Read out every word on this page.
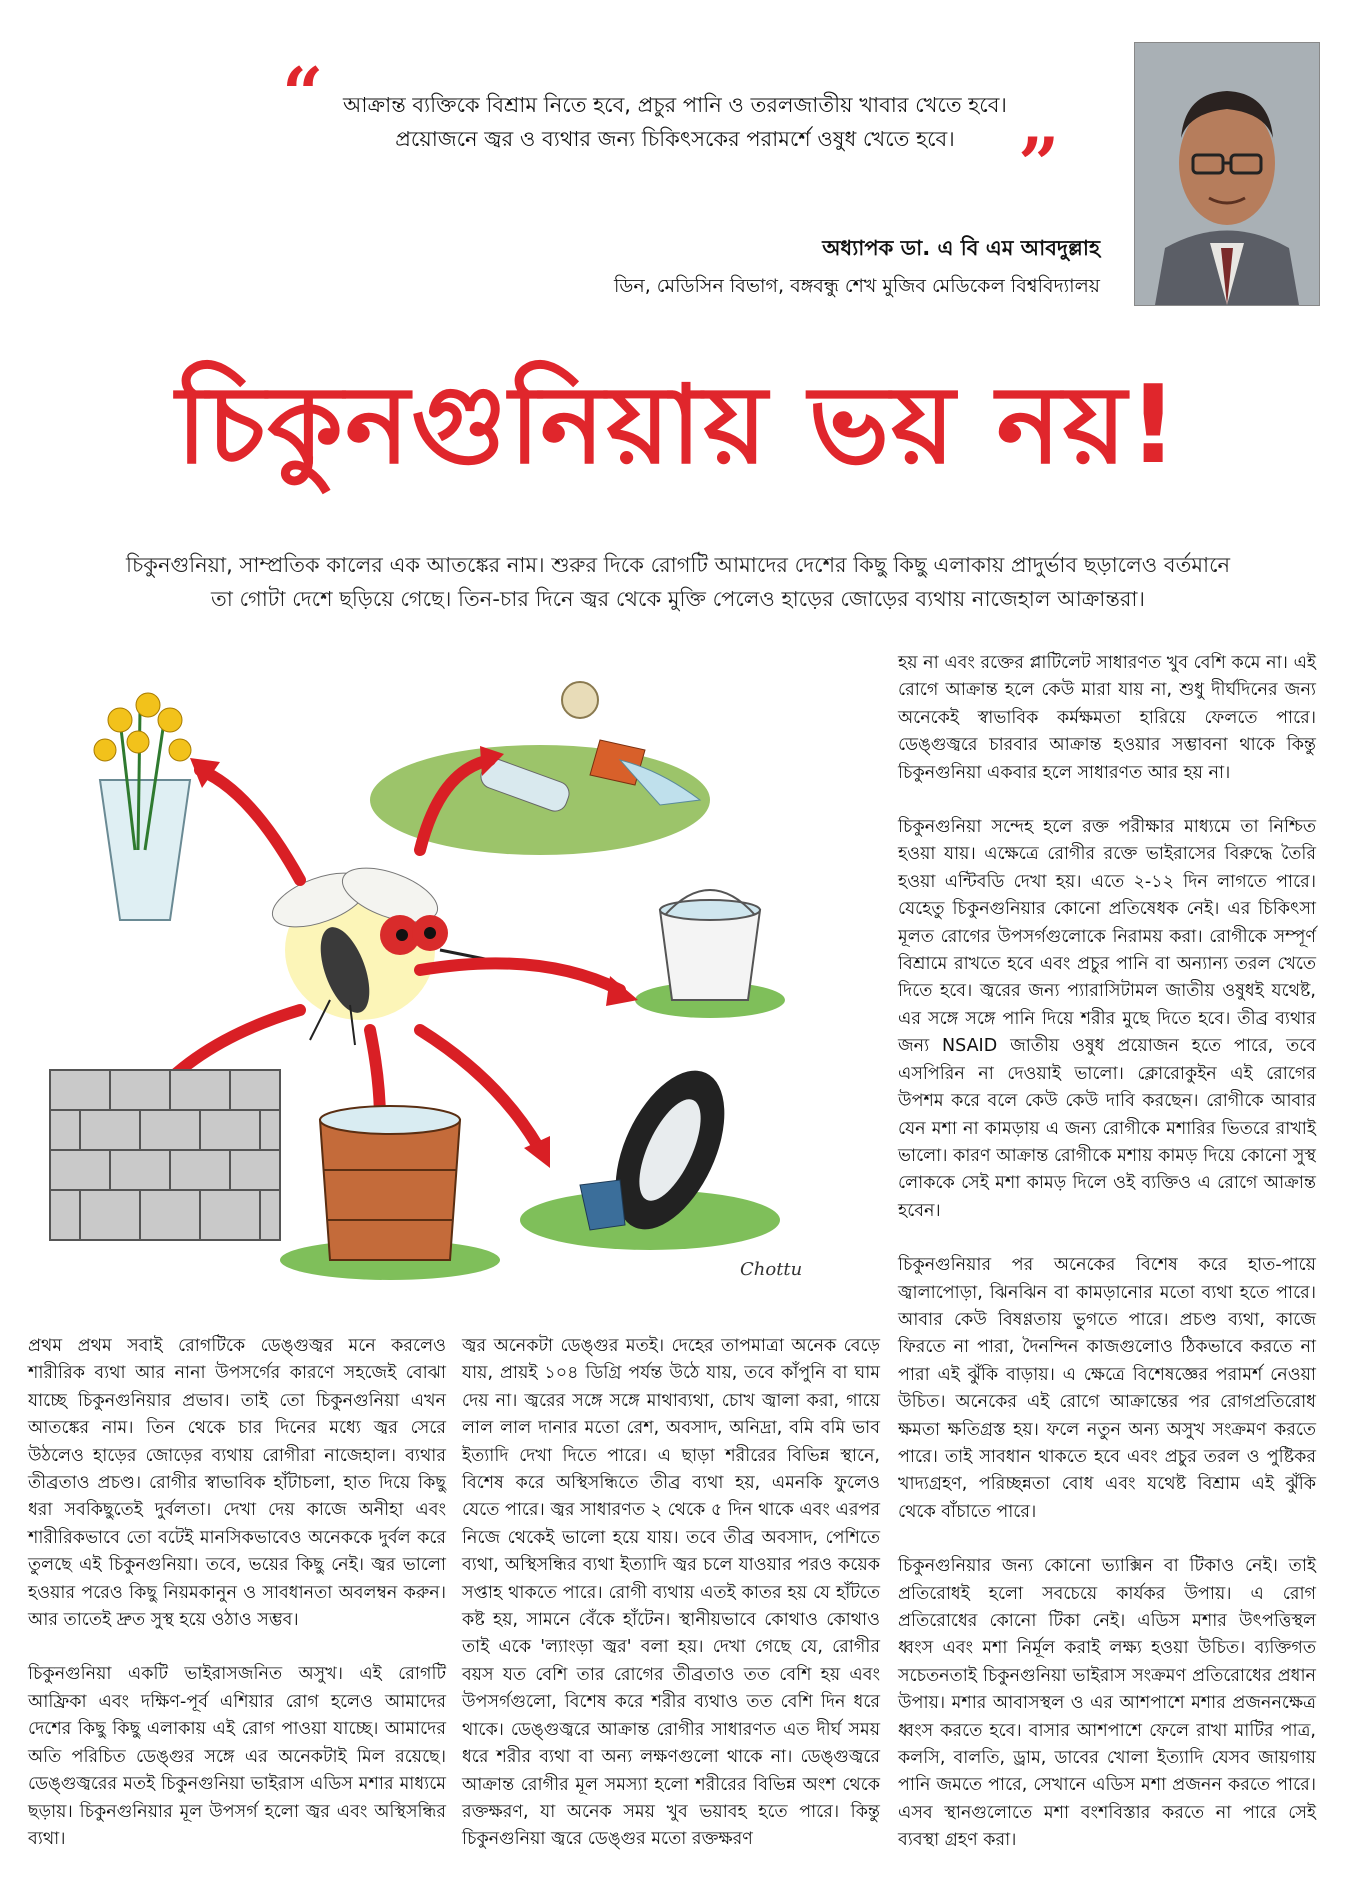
“ আক্রান্ত ব্যক্তিকে বিশ্রাম নিতে হবে, প্রচুর পানি ও তরলজাতীয় খাবার খেতে হবে।
প্রয়োজনে জ্বর ও ব্যথার জন্য চিকিৎসকের পরামর্শে ওষুধ খেতে হবে। ”
অধ্যাপক ডা. এ বি এম আবদুল্লাহ
ডিন, মেডিসিন বিভাগ, বঙ্গবন্ধু শেখ মুজিব মেডিকেল বিশ্ববিদ্যালয়
চিকুনগুনিয়ায় ভয় নয়!
চিকুনগুনিয়া, সাম্প্রতিক কালের এক আতঙ্কের নাম। শুরুর দিকে রোগটি আমাদের দেশের কিছু কিছু এলাকায় প্রাদুর্ভাব ছড়ালেও বর্তমানে
তা গোটা দেশে ছড়িয়ে গেছে। তিন-চার দিনে জ্বর থেকে মুক্তি পেলেও হাড়ের জোড়ের ব্যথায় নাজেহাল আক্রান্তরা।
Chottu

হয় না এবং রক্তের প্লাটিলেট সাধারণত খুব বেশি কমে না। এই রোগে আক্রান্ত হলে কেউ মারা যায় না, শুধু দীর্ঘদিনের জন্য অনেকেই স্বাভাবিক কর্মক্ষমতা হারিয়ে ফেলতে পারে। ডেঙ্গুজ্বরে চারবার আক্রান্ত হওয়ার সম্ভাবনা থাকে কিন্তু চিকুনগুনিয়া একবার হলে সাধারণত আর হয় না।

চিকুনগুনিয়া সন্দেহ হলে রক্ত পরীক্ষার মাধ্যমে তা নিশ্চিত হওয়া যায়। এক্ষেত্রে রোগীর রক্তে ভাইরাসের বিরুদ্ধে তৈরি হওয়া এন্টিবডি দেখা হয়। এতে ২-১২ দিন লাগতে পারে। যেহেতু চিকুনগুনিয়ার কোনো প্রতিষেধক নেই। এর চিকিৎসা মূলত রোগের উপসর্গগুলোকে নিরাময় করা। রোগীকে সম্পূর্ণ বিশ্রামে রাখতে হবে এবং প্রচুর পানি বা অন্যান্য তরল খেতে দিতে হবে। জ্বরের জন্য প্যারাসিটামল জাতীয় ওষুধই যথেষ্ট, এর সঙ্গে সঙ্গে পানি দিয়ে শরীর মুছে দিতে হবে। তীব্র ব্যথার জন্য NSAID জাতীয় ওষুধ প্রয়োজন হতে পারে, তবে এসপিরিন না দেওয়াই ভালো। ক্লোরোকুইন এই রোগের উপশম করে বলে কেউ কেউ দাবি করছেন। রোগীকে আবার যেন মশা না কামড়ায় এ জন্য রোগীকে মশারির ভিতরে রাখাই ভালো। কারণ আক্রান্ত রোগীকে মশায় কামড় দিয়ে কোনো সুস্থ লোককে সেই মশা কামড় দিলে ওই ব্যক্তিও এ রোগে আক্রান্ত হবেন।

চিকুনগুনিয়ার পর অনেকের বিশেষ করে হাত-পায়ে জ্বালাপোড়া, ঝিনঝিন বা কামড়ানোর মতো ব্যথা হতে পারে। আবার কেউ বিষণ্ণতায় ভুগতে পারে। প্রচণ্ড ব্যথা, কাজে ফিরতে না পারা, দৈনন্দিন কাজগুলোও ঠিকভাবে করতে না পারা এই ঝুঁকি বাড়ায়। এ ক্ষেত্রে বিশেষজ্ঞের পরামর্শ নেওয়া উচিত। অনেকের এই রোগে আক্রান্তের পর রোগপ্রতিরোধ ক্ষমতা ক্ষতিগ্রস্ত হয়। ফলে নতুন অন্য অসুখ সংক্রমণ করতে পারে। তাই সাবধান থাকতে হবে এবং প্রচুর তরল ও পুষ্টিকর খাদ্যগ্রহণ, পরিচ্ছন্নতা বোধ এবং যথেষ্ট বিশ্রাম এই ঝুঁকি থেকে বাঁচাতে পারে।

চিকুনগুনিয়ার জন্য কোনো ভ্যাক্সিন বা টিকাও নেই। তাই প্রতিরোধই হলো সবচেয়ে কার্যকর উপায়। এ রোগ প্রতিরোধের কোনো টিকা নেই। এডিস মশার উৎপত্তিস্থল ধ্বংস এবং মশা নির্মূল করাই লক্ষ্য হওয়া উচিত। ব্যক্তিগত সচেতনতাই চিকুনগুনিয়া ভাইরাস সংক্রমণ প্রতিরোধের প্রধান উপায়। মশার আবাসস্থল ও এর আশপাশে মশার প্রজননক্ষেত্র ধ্বংস করতে হবে। বাসার আশপাশে ফেলে রাখা মাটির পাত্র, কলসি, বালতি, ড্রাম, ডাবের খোলা ইত্যাদি যেসব জায়গায় পানি জমতে পারে, সেখানে এডিস মশা প্রজনন করতে পারে। এসব স্থানগুলোতে মশা বংশবিস্তার করতে না পারে সেই ব্যবস্থা গ্রহণ করা।

প্রথম প্রথম সবাই রোগটিকে ডেঙ্গুজ্বর মনে করলেও শারীরিক ব্যথা আর নানা উপসর্গের কারণে সহজেই বোঝা যাচ্ছে চিকুনগুনিয়ার প্রভাব। তাই তো চিকুনগুনিয়া এখন আতঙ্কের নাম। তিন থেকে চার দিনের মধ্যে জ্বর সেরে উঠলেও হাড়ের জোড়ের ব্যথায় রোগীরা নাজেহাল। ব্যথার তীব্রতাও প্রচণ্ড। রোগীর স্বাভাবিক হাঁটাচলা, হাত দিয়ে কিছু ধরা সবকিছুতেই দুর্বলতা। দেখা দেয় কাজে অনীহা এবং শারীরিকভাবে তো বটেই মানসিকভাবেও অনেককে দুর্বল করে তুলছে এই চিকুনগুনিয়া। তবে, ভয়ের কিছু নেই। জ্বর ভালো হওয়ার পরেও কিছু নিয়মকানুন ও সাবধানতা অবলম্বন করুন। আর তাতেই দ্রুত সুস্থ হয়ে ওঠাও সম্ভব।

চিকুনগুনিয়া একটি ভাইরাসজনিত অসুখ। এই রোগটি আফ্রিকা এবং দক্ষিণ-পূর্ব এশিয়ার রোগ হলেও আমাদের দেশের কিছু কিছু এলাকায় এই রোগ পাওয়া যাচ্ছে। আমাদের অতি পরিচিত ডেঙ্গুর সঙ্গে এর অনেকটাই মিল রয়েছে। ডেঙ্গুজ্বরের মতই চিকুনগুনিয়া ভাইরাস এডিস মশার মাধ্যমে ছড়ায়। চিকুনগুনিয়ার মূল উপসর্গ হলো জ্বর এবং অস্থিসন্ধির ব্যথা।

জ্বর অনেকটা ডেঙ্গুর মতই। দেহের তাপমাত্রা অনেক বেড়ে যায়, প্রায়ই ১০৪ ডিগ্রি পর্যন্ত উঠে যায়, তবে কাঁপুনি বা ঘাম দেয় না। জ্বরের সঙ্গে সঙ্গে মাথাব্যথা, চোখ জ্বালা করা, গায়ে লাল লাল দানার মতো রেশ, অবসাদ, অনিদ্রা, বমি বমি ভাব ইত্যাদি দেখা দিতে পারে। এ ছাড়া শরীরের বিভিন্ন স্থানে, বিশেষ করে অস্থিসন্ধিতে তীব্র ব্যথা হয়, এমনকি ফুলেও যেতে পারে। জ্বর সাধারণত ২ থেকে ৫ দিন থাকে এবং এরপর নিজে থেকেই ভালো হয়ে যায়। তবে তীব্র অবসাদ, পেশিতে ব্যথা, অস্থিসন্ধির ব্যথা ইত্যাদি জ্বর চলে যাওয়ার পরও কয়েক সপ্তাহ থাকতে পারে। রোগী ব্যথায় এতই কাতর হয় যে হাঁটতে কষ্ট হয়, সামনে বেঁকে হাঁটেন। স্থানীয়ভাবে কোথাও কোথাও তাই একে 'ল্যাংড়া জ্বর' বলা হয়। দেখা গেছে যে, রোগীর বয়স যত বেশি তার রোগের তীব্রতাও তত বেশি হয় এবং উপসর্গগুলো, বিশেষ করে শরীর ব্যথাও তত বেশি দিন ধরে থাকে। ডেঙ্গুজ্বরে আক্রান্ত রোগীর সাধারণত এত দীর্ঘ সময় ধরে শরীর ব্যথা বা অন্য লক্ষণগুলো থাকে না। ডেঙ্গুজ্বরে আক্রান্ত রোগীর মূল সমস্যা হলো শরীরের বিভিন্ন অংশ থেকে রক্তক্ষরণ, যা অনেক সময় খুব ভয়াবহ হতে পারে। কিন্তু চিকুনগুনিয়া জ্বরে ডেঙ্গুর মতো রক্তক্ষরণ
